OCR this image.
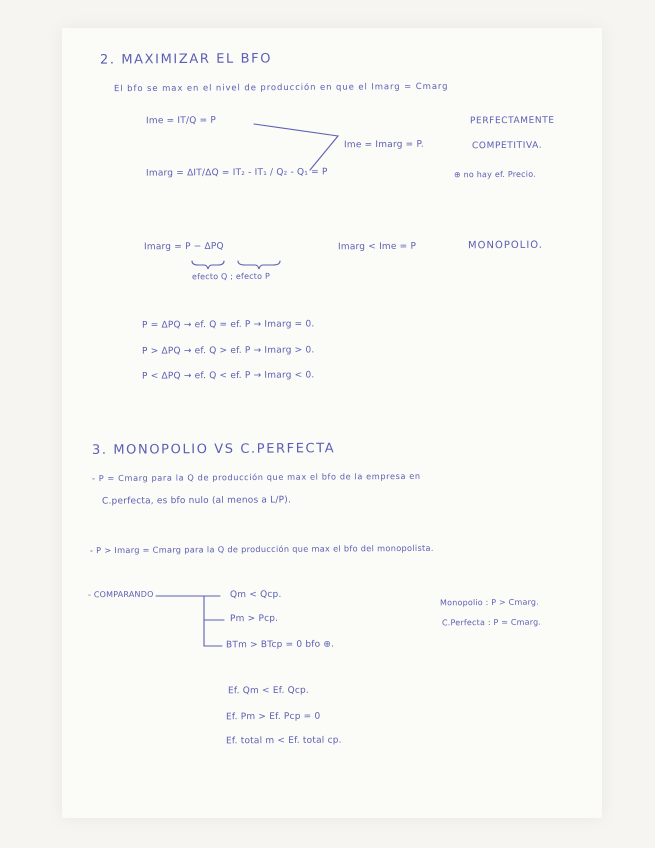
2. MAXIMIZAR EL BFO

El bfo se max en el nivel de producción en que el Imarg = Cmarg

Ime = IT/Q = P

Imarg = ΔIT/ΔQ = IT₂ - IT₁ / Q₂ - Q₁ = P

Ime = Imarg = P.

PERFECTAMENTE

COMPETITIVA.

⊕ no hay ef. Precio.

Imarg = P − ΔPQ	Imarg < Ime = P	MONOPOLIO.

efecto Q ; efecto P

P = ΔPQ → ef. Q = ef. P → Imarg = 0.

P > ΔPQ → ef. Q > ef. P → Imarg > 0.

P < ΔPQ → ef. Q < ef. P → Imarg < 0.

3. MONOPOLIO VS C.PERFECTA

- P = Cmarg para la Q de producción que max el bfo de la empresa en

C.perfecta, es bfo nulo (al menos a L/P).

- P > Imarg = Cmarg para la Q de producción que max el bfo del monopolista.

- COMPARANDO	Qm < Qcp.

Pm > Pcp.

BTm > BTcp = 0 bfo ⊕.

Monopolio : P > Cmarg.

C.Perfecta : P = Cmarg.

Ef. Qm < Ef. Qcp.

Ef. Pm > Ef. Pcp = 0

Ef. total m < Ef. total cp.
